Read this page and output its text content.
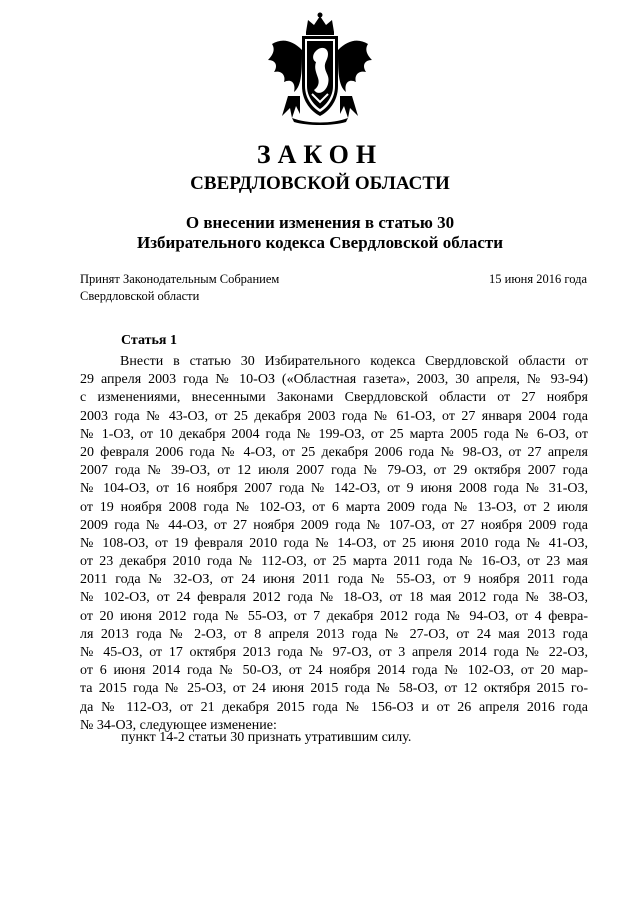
ЗАКОН
СВЕРДЛОВСКОЙ ОБЛАСТИ
О внесении изменения в статью 30
Избирательного кодекса Свердловской области
Принят Законодательным Собранием
Свердловской области
15 июня 2016 года
Статья 1
Внести в статью 30 Избирательного кодекса Свердловской области от
29 апреля 2003 года № 10-ОЗ («Областная газета», 2003, 30 апреля, № 93-94)
с изменениями, внесенными Законами Свердловской области от 27 ноября
2003 года № 43-ОЗ, от 25 декабря 2003 года № 61-ОЗ, от 27 января 2004 года
№ 1-ОЗ, от 10 декабря 2004 года № 199-ОЗ, от 25 марта 2005 года № 6-ОЗ, от
20 февраля 2006 года № 4-ОЗ, от 25 декабря 2006 года № 98-ОЗ, от 27 апреля
2007 года № 39-ОЗ, от 12 июля 2007 года № 79-ОЗ, от 29 октября 2007 года
№ 104-ОЗ, от 16 ноября 2007 года № 142-ОЗ, от 9 июня 2008 года № 31-ОЗ,
от 19 ноября 2008 года № 102-ОЗ, от 6 марта 2009 года № 13-ОЗ, от 2 июля
2009 года № 44-ОЗ, от 27 ноября 2009 года № 107-ОЗ, от 27 ноября 2009 года
№ 108-ОЗ, от 19 февраля 2010 года № 14-ОЗ, от 25 июня 2010 года № 41-ОЗ,
от 23 декабря 2010 года № 112-ОЗ, от 25 марта 2011 года № 16-ОЗ, от 23 мая
2011 года № 32-ОЗ, от 24 июня 2011 года № 55-ОЗ, от 9 ноября 2011 года
№ 102-ОЗ, от 24 февраля 2012 года № 18-ОЗ, от 18 мая 2012 года № 38-ОЗ,
от 20 июня 2012 года № 55-ОЗ, от 7 декабря 2012 года № 94-ОЗ, от 4 февра-
ля 2013 года № 2-ОЗ, от 8 апреля 2013 года № 27-ОЗ, от 24 мая 2013 года
№ 45-ОЗ, от 17 октября 2013 года № 97-ОЗ, от 3 апреля 2014 года № 22-ОЗ,
от 6 июня 2014 года № 50-ОЗ, от 24 ноября 2014 года № 102-ОЗ, от 20 мар-
та 2015 года № 25-ОЗ, от 24 июня 2015 года № 58-ОЗ, от 12 октября 2015 го-
да № 112-ОЗ, от 21 декабря 2015 года № 156-ОЗ и от 26 апреля 2016 года
№ 34-ОЗ, следующее изменение:
пункт 14-2 статьи 30 признать утратившим силу.
